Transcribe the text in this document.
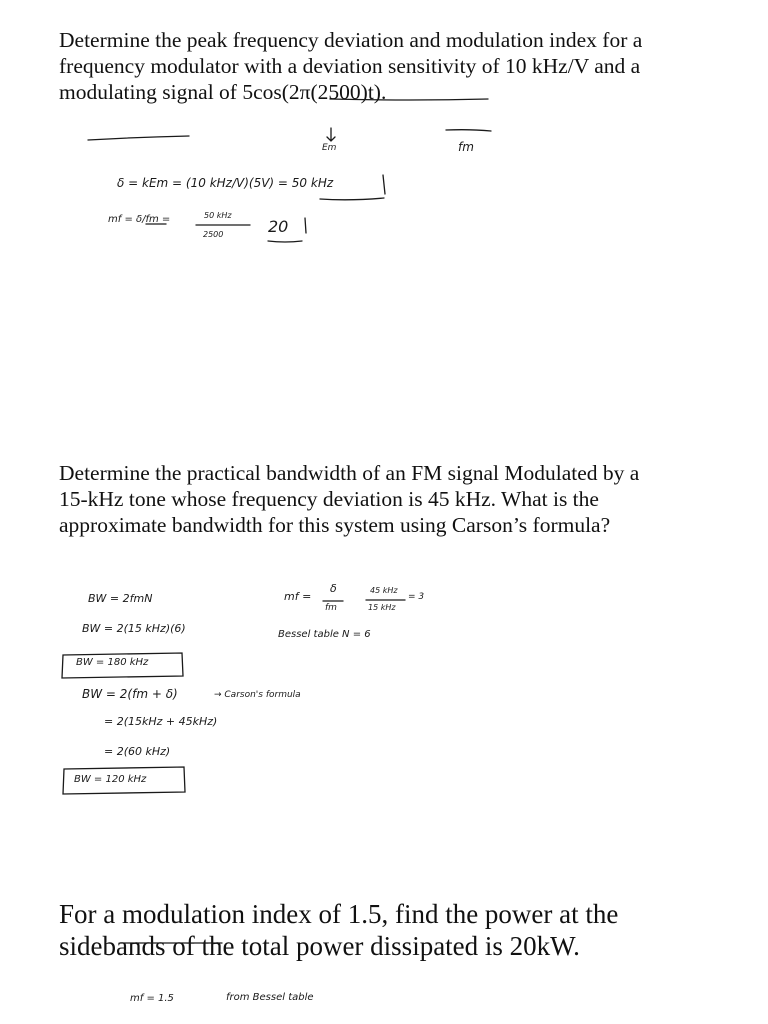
Determine the peak frequency deviation and modulation index for a

frequency modulator with a deviation sensitivity of 10 kHz/V and a

modulating signal of 5cos(2π(2500)t).

Determine the practical bandwidth of an FM signal Modulated by a

15-kHz tone whose frequency deviation is 45 kHz. What is the

approximate bandwidth for this system using Carson’s formula?

For a modulation index of 1.5, find the power at the

sidebands of the total power dissipated is 20kW.

Em	fm
δ = kEm = (10 kHz/V)(5V) = 50 kHz
mf = δ/fm =	50 kHz
2500	20
BW = 2fmN
BW = 2(15 kHz)(6)
BW = 180 kHz
mf =
δ
fm
45 kHz
15 kHz
= 3
Bessel table N = 6
BW = 2(fm + δ)	→ Carson's formula
= 2(15kHz + 45kHz)
= 2(60 kHz)
BW = 120 kHz
mf = 1.5	from Bessel table
